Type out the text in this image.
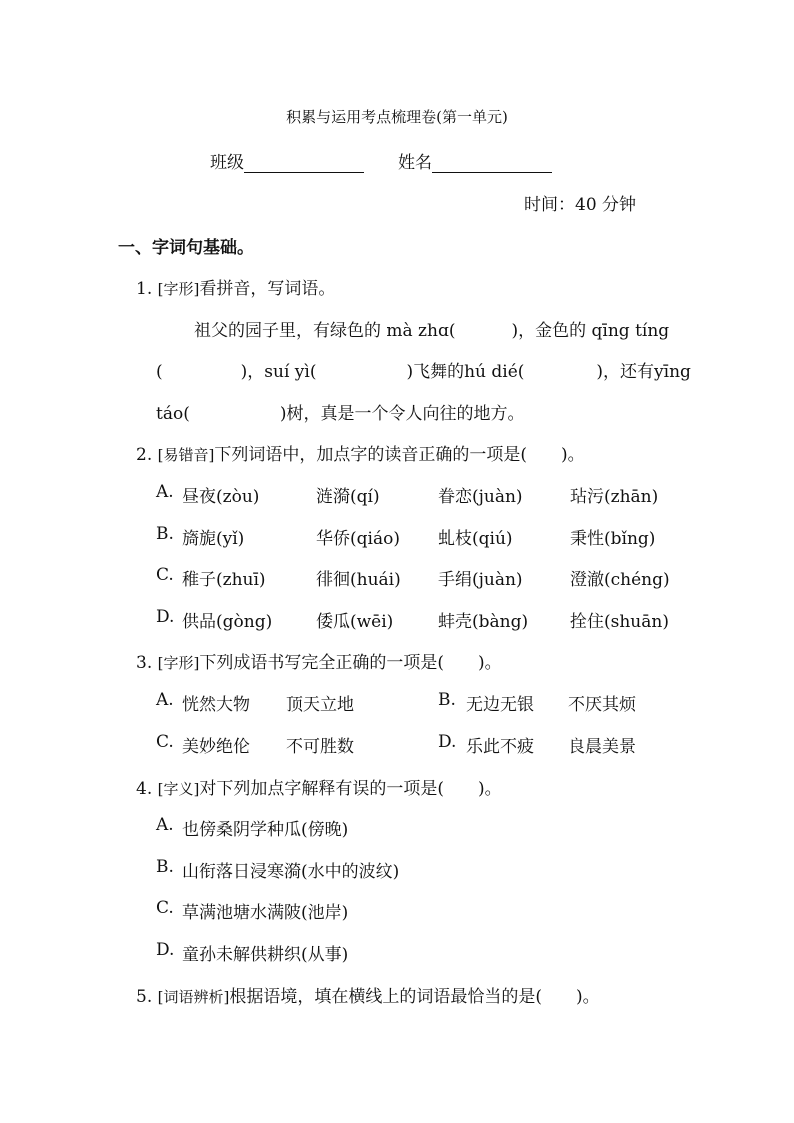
积累与运用考点梳理卷(第一单元)
班级	姓名
时间：40 分钟
一、字词句基础。
1. [字形]看拼音，写词语。
祖父的园子里，有绿色的 mà zhɑ(	)，金色的 qīng tíng
(	)，suí yì(	)飞舞的hú dié(	)，还有yīng
táo(	)树，真是一个令人向往的地方。
2. [易错音]下列词语中，加点字的读音正确的一项是(　　)。
A. 昼夜(zòu)	涟漪(qí)	眷恋(juàn)	玷污(zhān)
B. 旖旎(yǐ)	华侨(qiáo) 虬枝(qiú)	秉性(bǐng)
C. 稚子(zhuī)	徘徊(huái) 手绢(juàn)	澄澈(chéng)
D. 供品(gòng)	倭瓜(wēi)	蚌壳(bàng) 拴住(shuān)
3. [字形]下列成语书写完全正确的一项是(　　)。
A. 恍然大物 顶天立地	B. 无边无银 不厌其烦
C. 美妙绝伦 不可胜数	D. 乐此不疲 良晨美景
4. [字义]对下列加点字解释有误的一项是(　　)。
A. 也傍桑阴学种瓜(傍晚)
B. 山衔落日浸寒漪(水中的波纹)
C. 草满池塘水满陂(池岸)
D. 童孙未解供耕织(从事)
5. [词语辨析]根据语境，填在横线上的词语最恰当的是(　　)。
